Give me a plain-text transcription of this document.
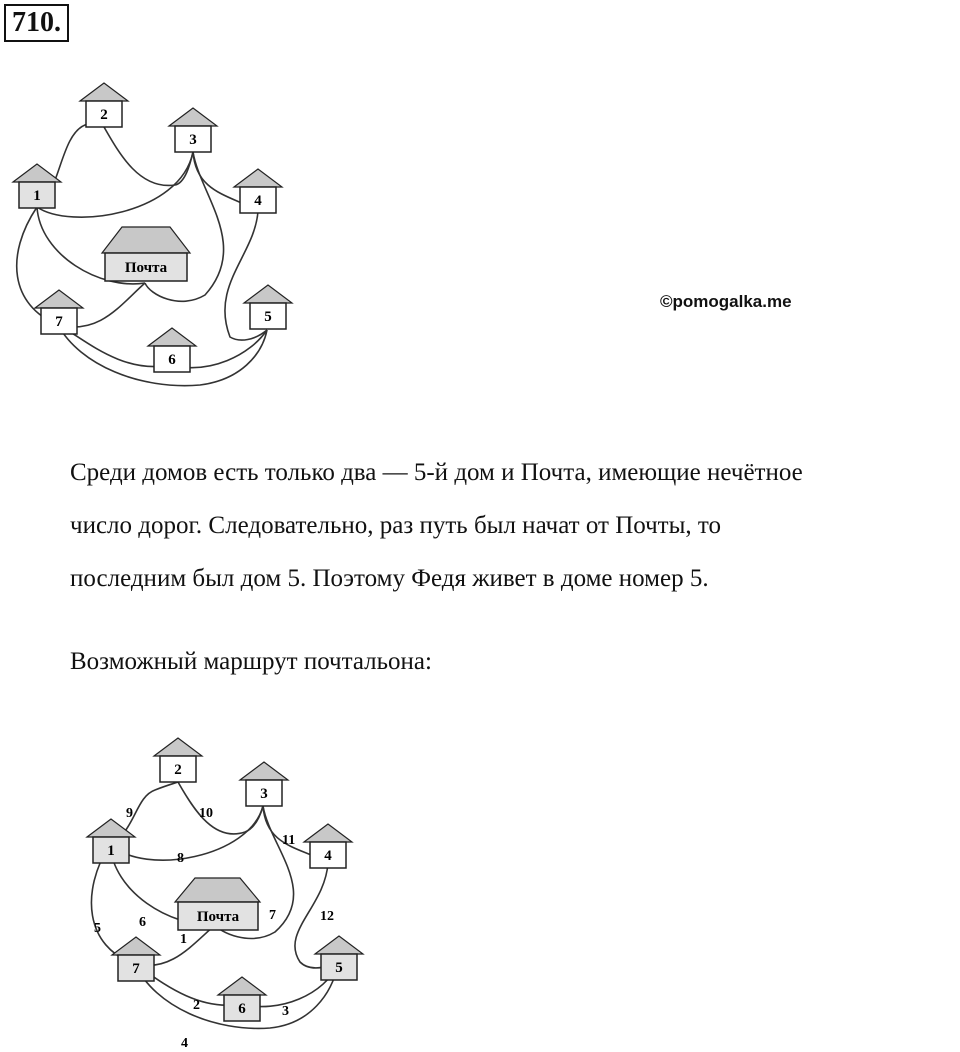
710.
2
3
1	4
Почта
7	5
6
©pomogalka.me
Среди домов есть только два — 5-й дом и Почта, имеющие нечётное
число дорог. Следовательно, раз путь был начат от Почты, то
последним был дом 5. Поэтому Федя живет в доме номер 5.
Возможный маршрут почтальона:
1
2	3
4
5	6	7
8
9	10
11
12
2
3
1	4
Почта
7	5
6
